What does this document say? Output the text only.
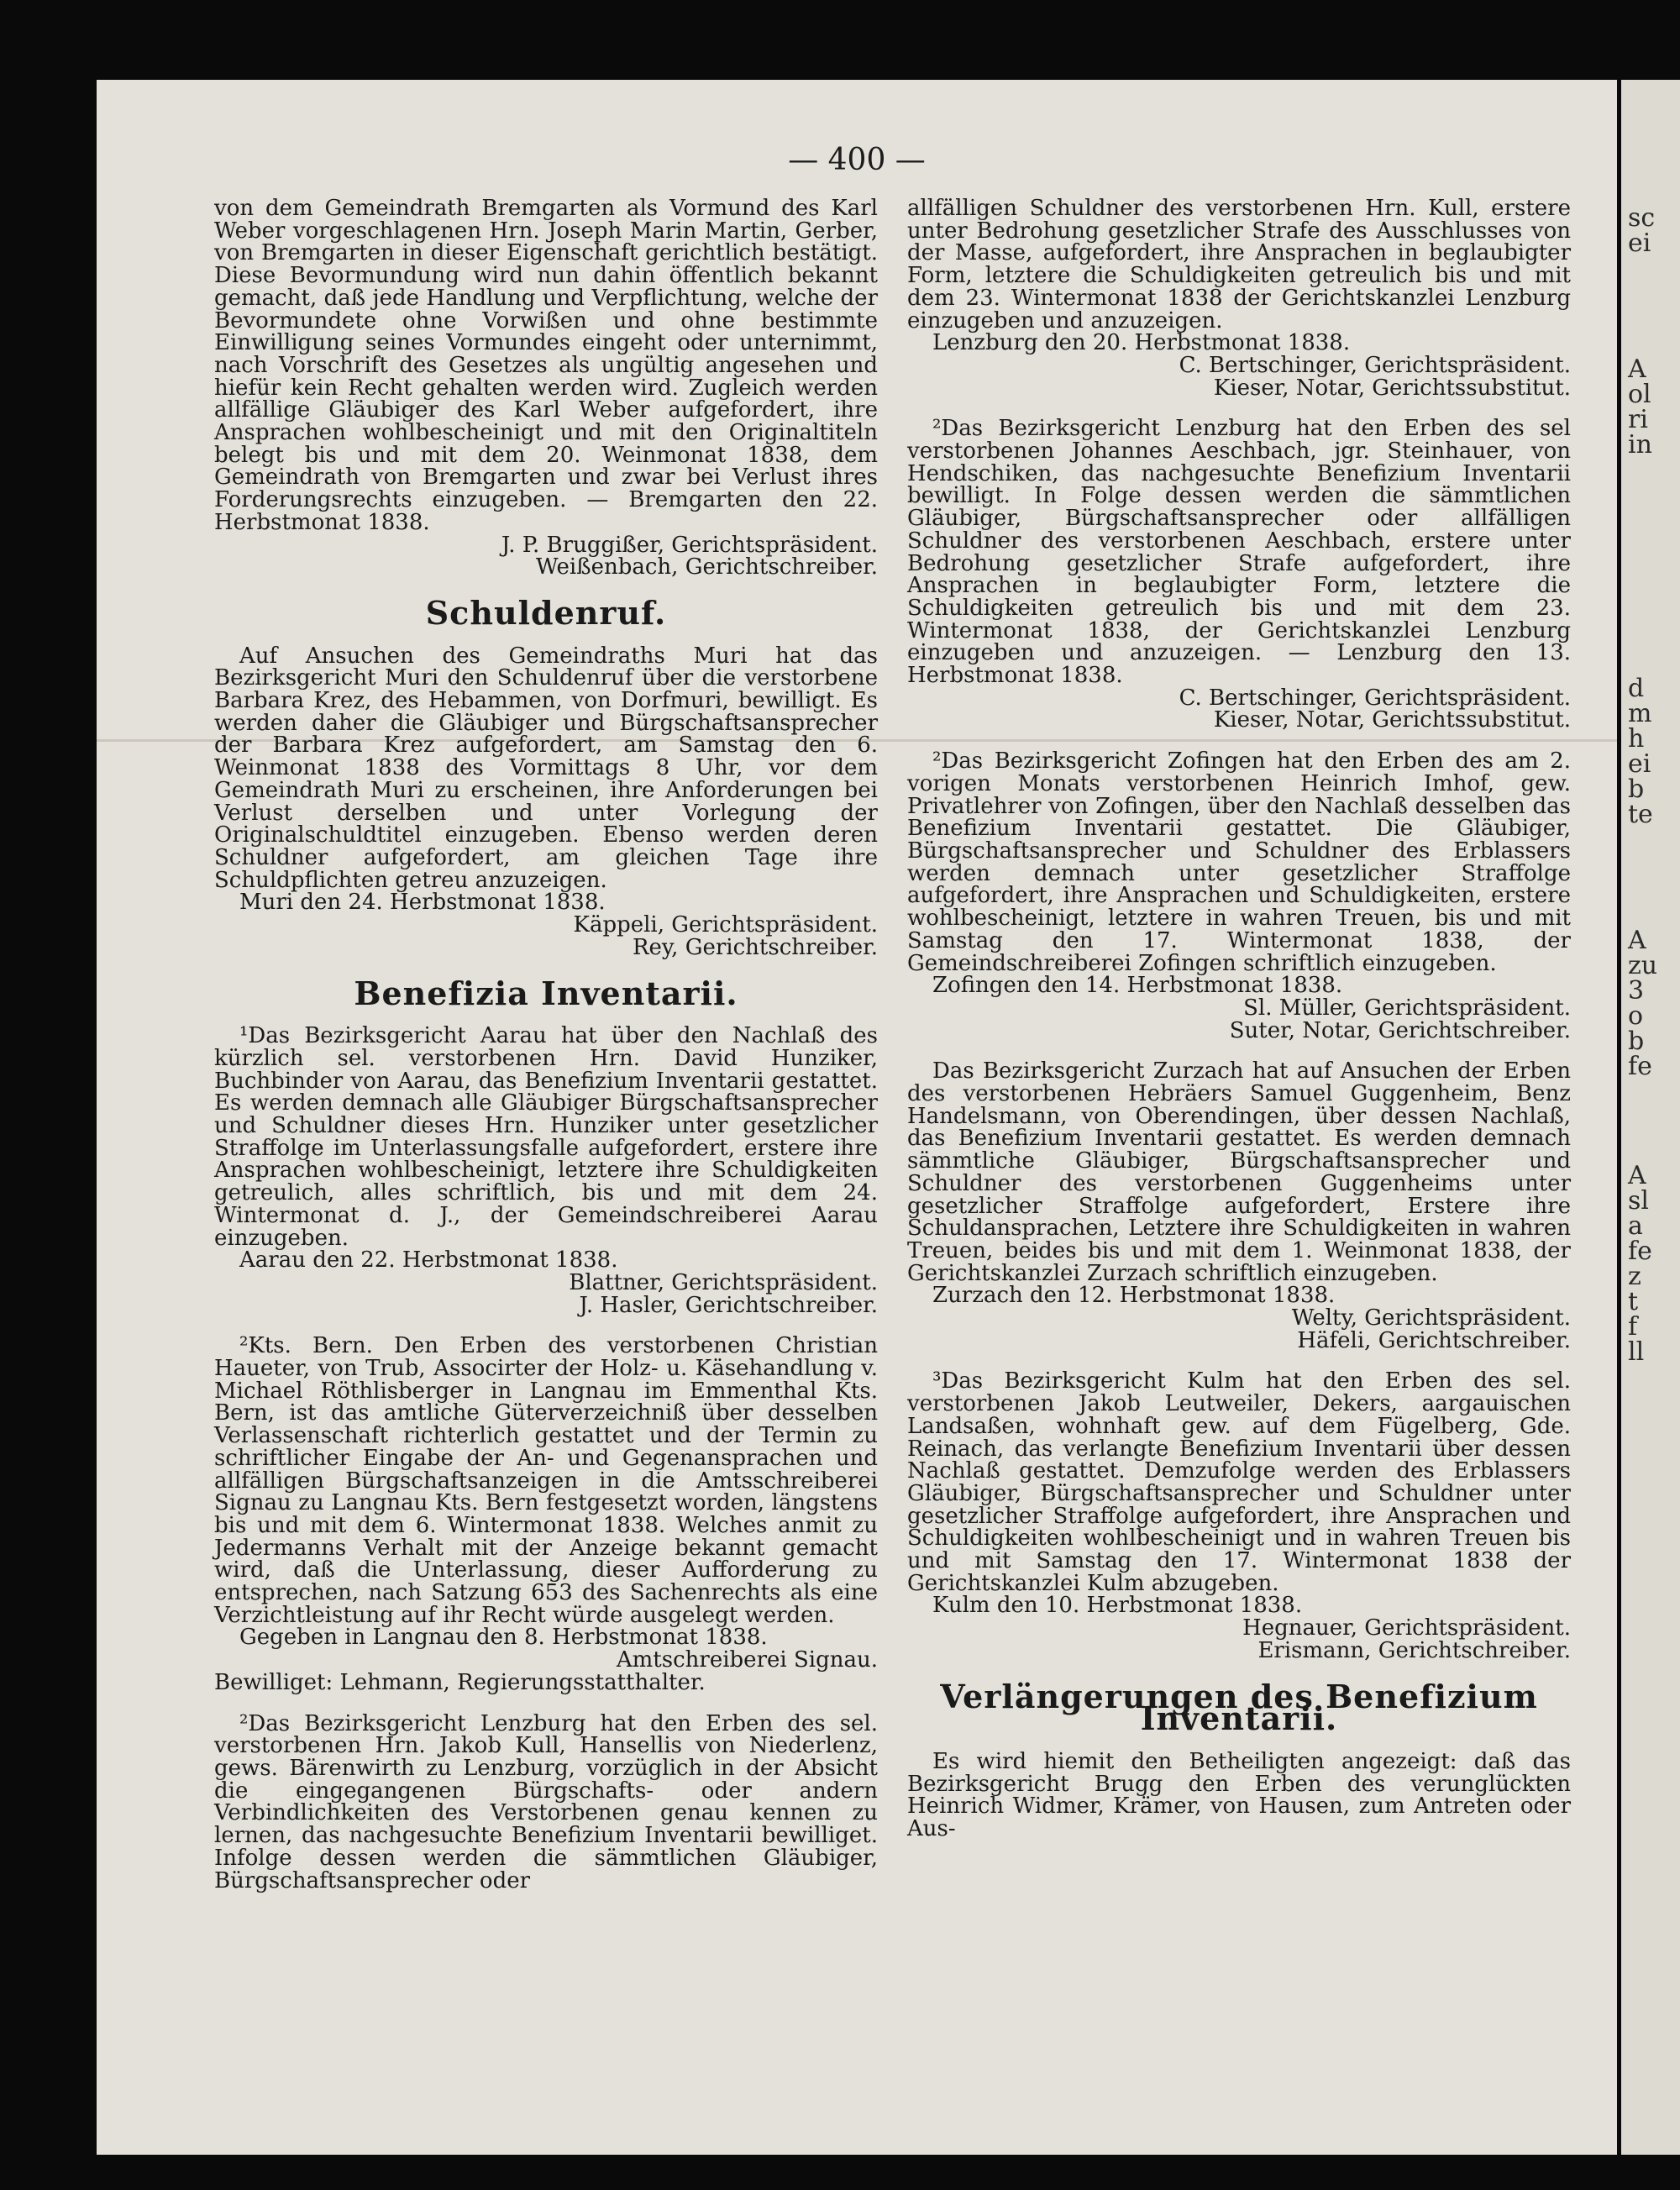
— 400 —

von dem Gemeindrath Bremgarten als Vormund des Karl Weber vorgeschlagenen Hrn. Joseph Marin Martin, Gerber, von Bremgarten in dieser Eigenschaft gerichtlich bestätigt. Diese Bevormundung wird nun dahin öffentlich bekannt gemacht, daß jede Handlung und Verpflichtung, welche der Bevormundete ohne Vorwißen und ohne bestimmte Einwilligung seines Vormundes eingeht oder unternimmt, nach Vorschrift des Gesetzes als ungültig angesehen und hiefür kein Recht gehalten werden wird. Zugleich werden allfällige Gläubiger des Karl Weber aufgefordert, ihre Ansprachen wohlbescheinigt und mit den Originaltiteln belegt bis und mit dem 20. Weinmonat 1838, dem Gemeindrath von Bremgarten und zwar bei Verlust ihres Forderungsrechts einzugeben. — Bremgarten den 22. Herbstmonat 1838.

J. P. Bruggißer, Gerichtspräsident.
Weißenbach, Gerichtschreiber.
Schuldenruf.

Auf Ansuchen des Gemeindraths Muri hat das Bezirksgericht Muri den Schuldenruf über die verstorbene Barbara Krez, des Hebammen, von Dorfmuri, bewilligt. Es werden daher die Gläubiger und Bürgschaftsansprecher der Barbara Krez aufgefordert, am Samstag den 6. Weinmonat 1838 des Vormittags 8 Uhr, vor dem Gemeindrath Muri zu erscheinen, ihre Anforderungen bei Verlust derselben und unter Vorlegung der Originalschuldtitel einzugeben. Ebenso werden deren Schuldner aufgefordert, am gleichen Tage ihre Schuldpflichten getreu anzuzeigen.

Muri den 24. Herbstmonat 1838.
Käppeli, Gerichtspräsident.
Rey, Gerichtschreiber.
Benefizia Inventarii.

¹Das Bezirksgericht Aarau hat über den Nachlaß des kürzlich sel. verstorbenen Hrn. David Hunziker, Buchbinder von Aarau, das Benefizium Inventarii gestattet. Es werden demnach alle Gläubiger Bürgschaftsansprecher und Schuldner dieses Hrn. Hunziker unter gesetzlicher Straffolge im Unterlassungsfalle aufgefordert, erstere ihre Ansprachen wohlbescheinigt, letztere ihre Schuldigkeiten getreulich, alles schriftlich, bis und mit dem 24. Wintermonat d. J., der Gemeindschreiberei Aarau einzugeben.

Aarau den 22. Herbstmonat 1838.
Blattner, Gerichtspräsident.
J. Hasler, Gerichtschreiber.

²Kts. Bern. Den Erben des verstorbenen Christian Haueter, von Trub, Associrter der Holz- u. Käsehandlung v. Michael Röthlisberger in Langnau im Emmenthal Kts. Bern, ist das amtliche Güterverzeichniß über desselben Verlassenschaft richterlich gestattet und der Termin zu schriftlicher Eingabe der An- und Gegenansprachen und allfälligen Bürgschaftsanzeigen in die Amtsschreiberei Signau zu Langnau Kts. Bern festgesetzt worden, längstens bis und mit dem 6. Wintermonat 1838. Welches anmit zu Jedermanns Verhalt mit der Anzeige bekannt gemacht wird, daß die Unterlassung, dieser Aufforderung zu entsprechen, nach Satzung 653 des Sachenrechts als eine Verzichtleistung auf ihr Recht würde ausgelegt werden.

Gegeben in Langnau den 8. Herbstmonat 1838.
Amtschreiberei Signau.
Bewilliget: Lehmann, Regierungsstatthalter.

²Das Bezirksgericht Lenzburg hat den Erben des sel. verstorbenen Hrn. Jakob Kull, Hansellis von Niederlenz, gews. Bärenwirth zu Lenzburg, vorzüglich in der Absicht die eingegangenen Bürgschafts- oder andern Verbindlichkeiten des Verstorbenen genau kennen zu lernen, das nachgesuchte Benefizium Inventarii bewilliget. Infolge dessen werden die sämmtlichen Gläubiger, Bürgschaftsansprecher oder

allfälligen Schuldner des verstorbenen Hrn. Kull, erstere unter Bedrohung gesetzlicher Strafe des Ausschlusses von der Masse, aufgefordert, ihre Ansprachen in beglaubigter Form, letztere die Schuldigkeiten getreulich bis und mit dem 23. Wintermonat 1838 der Gerichtskanzlei Lenzburg einzugeben und anzuzeigen.

Lenzburg den 20. Herbstmonat 1838.
C. Bertschinger, Gerichtspräsident.
Kieser, Notar, Gerichtssubstitut.

²Das Bezirksgericht Lenzburg hat den Erben des sel verstorbenen Johannes Aeschbach, jgr. Steinhauer, von Hendschiken, das nachgesuchte Benefizium Inventarii bewilligt. In Folge dessen werden die sämmtlichen Gläubiger, Bürgschaftsansprecher oder allfälligen Schuldner des verstorbenen Aeschbach, erstere unter Bedrohung gesetzlicher Strafe aufgefordert, ihre Ansprachen in beglaubigter Form, letztere die Schuldigkeiten getreulich bis und mit dem 23. Wintermonat 1838, der Gerichtskanzlei Lenzburg einzugeben und anzuzeigen. — Lenzburg den 13. Herbstmonat 1838.

C. Bertschinger, Gerichtspräsident.
Kieser, Notar, Gerichtssubstitut.

²Das Bezirksgericht Zofingen hat den Erben des am 2. vorigen Monats verstorbenen Heinrich Imhof, gew. Privatlehrer von Zofingen, über den Nachlaß desselben das Benefizium Inventarii gestattet. Die Gläubiger, Bürgschaftsansprecher und Schuldner des Erblassers werden demnach unter gesetzlicher Straffolge aufgefordert, ihre Ansprachen und Schuldigkeiten, erstere wohlbescheinigt, letztere in wahren Treuen, bis und mit Samstag den 17. Wintermonat 1838, der Gemeindschreiberei Zofingen schriftlich einzugeben.

Zofingen den 14. Herbstmonat 1838.
Sl. Müller, Gerichtspräsident.
Suter, Notar, Gerichtschreiber.

Das Bezirksgericht Zurzach hat auf Ansuchen der Erben des verstorbenen Hebräers Samuel Guggenheim, Benz Handelsmann, von Oberendingen, über dessen Nachlaß, das Benefizium Inventarii gestattet. Es werden demnach sämmtliche Gläubiger, Bürgschaftsansprecher und Schuldner des verstorbenen Guggenheims unter gesetzlicher Straffolge aufgefordert, Erstere ihre Schuldansprachen, Letztere ihre Schuldigkeiten in wahren Treuen, beides bis und mit dem 1. Weinmonat 1838, der Gerichtskanzlei Zurzach schriftlich einzugeben.

Zurzach den 12. Herbstmonat 1838.
Welty, Gerichtspräsident.
Häfeli, Gerichtschreiber.

³Das Bezirksgericht Kulm hat den Erben des sel. verstorbenen Jakob Leutweiler, Dekers, aargauischen Landsaßen, wohnhaft gew. auf dem Fügelberg, Gde. Reinach, das verlangte Benefizium Inventarii über dessen Nachlaß gestattet. Demzufolge werden des Erblassers Gläubiger, Bürgschaftsansprecher und Schuldner unter gesetzlicher Straffolge aufgefordert, ihre Ansprachen und Schuldigkeiten wohlbescheinigt und in wahren Treuen bis und mit Samstag den 17. Wintermonat 1838 der Gerichtskanzlei Kulm abzugeben.

Kulm den 10. Herbstmonat 1838.
Hegnauer, Gerichtspräsident.
Erismann, Gerichtschreiber.
Verlängerungen des Benefizium Inventarii.

Es wird hiemit den Betheiligten angezeigt: daß das Bezirksgericht Brugg den Erben des verunglückten Heinrich Widmer, Krämer, von Hausen, zum Antreten oder Aus-

sc
ei
A
ol
ri
in
d
m
h
ei
b
te
A
zu
3
o
b
fe
A
sl
a
fe
z
t
f
ll
